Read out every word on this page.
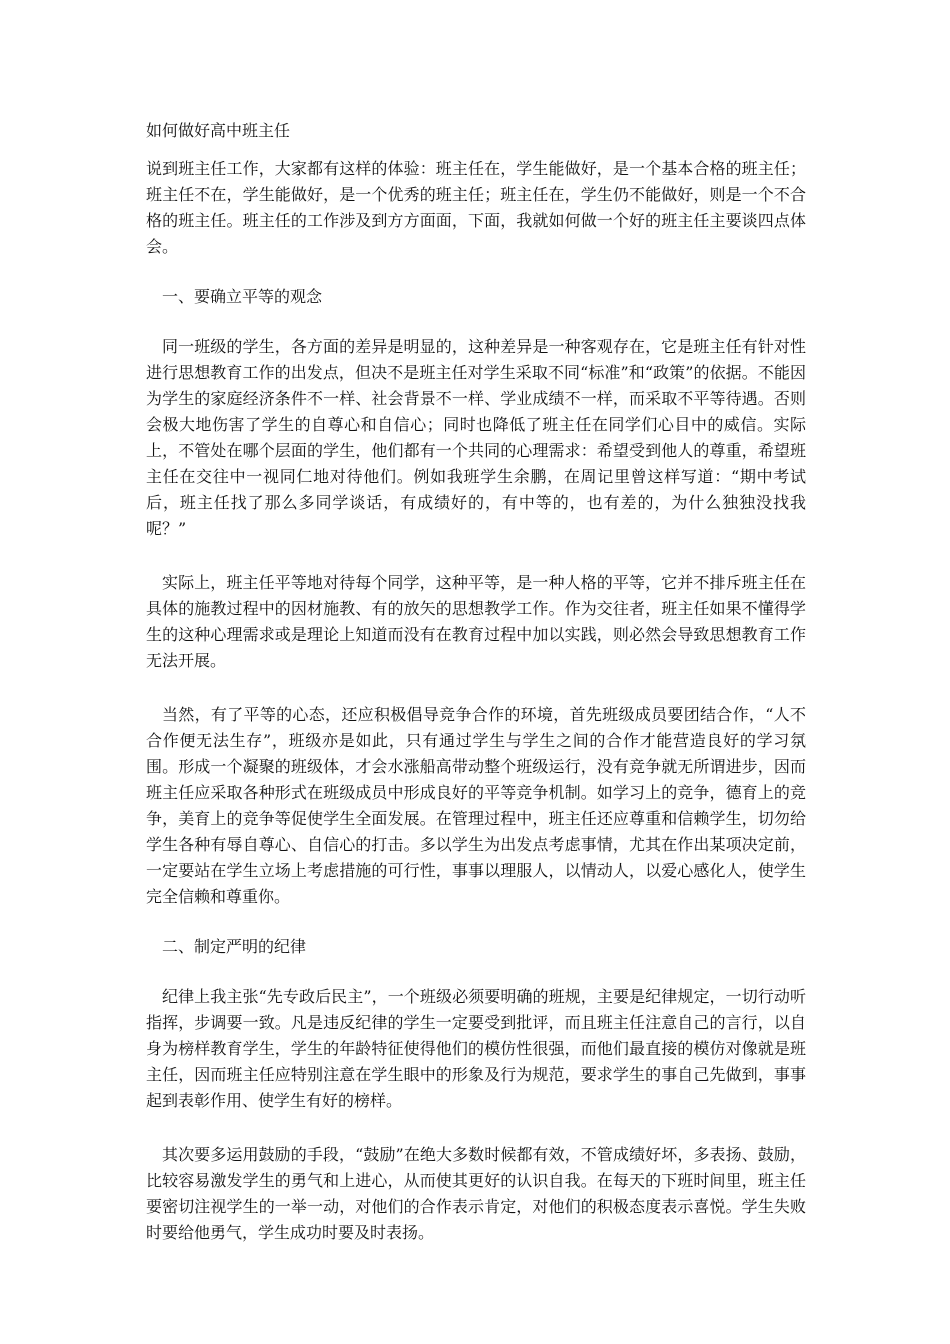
如何做好高中班主任

说到班主任工作，大家都有这样的体验：班主任在，学生能做好，是一个基本合格的班主任；班主任不在，学生能做好，是一个优秀的班主任；班主任在，学生仍不能做好，则是一个不合格的班主任。班主任的工作涉及到方方面面，下面，我就如何做一个好的班主任主要谈四点体会。

一、要确立平等的观念

同一班级的学生，各方面的差异是明显的，这种差异是一种客观存在，它是班主任有针对性进行思想教育工作的出发点，但决不是班主任对学生采取不同“标准”和“政策”的依据。不能因为学生的家庭经济条件不一样、社会背景不一样、学业成绩不一样，而采取不平等待遇。否则会极大地伤害了学生的自尊心和自信心；同时也降低了班主任在同学们心目中的威信。实际上，不管处在哪个层面的学生，他们都有一个共同的心理需求：希望受到他人的尊重，希望班主任在交往中一视同仁地对待他们。例如我班学生余鹏，在周记里曾这样写道：“期中考试后，班主任找了那么多同学谈话，有成绩好的，有中等的，也有差的，为什么独独没找我呢？”

实际上，班主任平等地对待每个同学，这种平等，是一种人格的平等，它并不排斥班主任在具体的施教过程中的因材施教、有的放矢的思想教学工作。作为交往者，班主任如果不懂得学生的这种心理需求或是理论上知道而没有在教育过程中加以实践，则必然会导致思想教育工作无法开展。

当然，有了平等的心态，还应积极倡导竞争合作的环境，首先班级成员要团结合作，“人不合作便无法生存”，班级亦是如此，只有通过学生与学生之间的合作才能营造良好的学习氛围。形成一个凝聚的班级体，才会水涨船高带动整个班级运行，没有竞争就无所谓进步，因而班主任应采取各种形式在班级成员中形成良好的平等竞争机制。如学习上的竞争，德育上的竞争，美育上的竞争等促使学生全面发展。在管理过程中，班主任还应尊重和信赖学生，切勿给学生各种有辱自尊心、自信心的打击。多以学生为出发点考虑事情，尤其在作出某项决定前，一定要站在学生立场上考虑措施的可行性，事事以理服人，以情动人，以爱心感化人，使学生完全信赖和尊重你。

二、制定严明的纪律

纪律上我主张“先专政后民主”，一个班级必须要明确的班规，主要是纪律规定，一切行动听指挥，步调要一致。凡是违反纪律的学生一定要受到批评，而且班主任注意自己的言行，以自身为榜样教育学生，学生的年龄特征使得他们的模仿性很强，而他们最直接的模仿对像就是班主任，因而班主任应特别注意在学生眼中的形象及行为规范，要求学生的事自己先做到，事事起到表彰作用、使学生有好的榜样。

其次要多运用鼓励的手段，“鼓励”在绝大多数时候都有效，不管成绩好坏，多表扬、鼓励，比较容易激发学生的勇气和上进心，从而使其更好的认识自我。在每天的下班时间里，班主任要密切注视学生的一举一动，对他们的合作表示肯定，对他们的积极态度表示喜悦。学生失败时要给他勇气，学生成功时要及时表扬。
